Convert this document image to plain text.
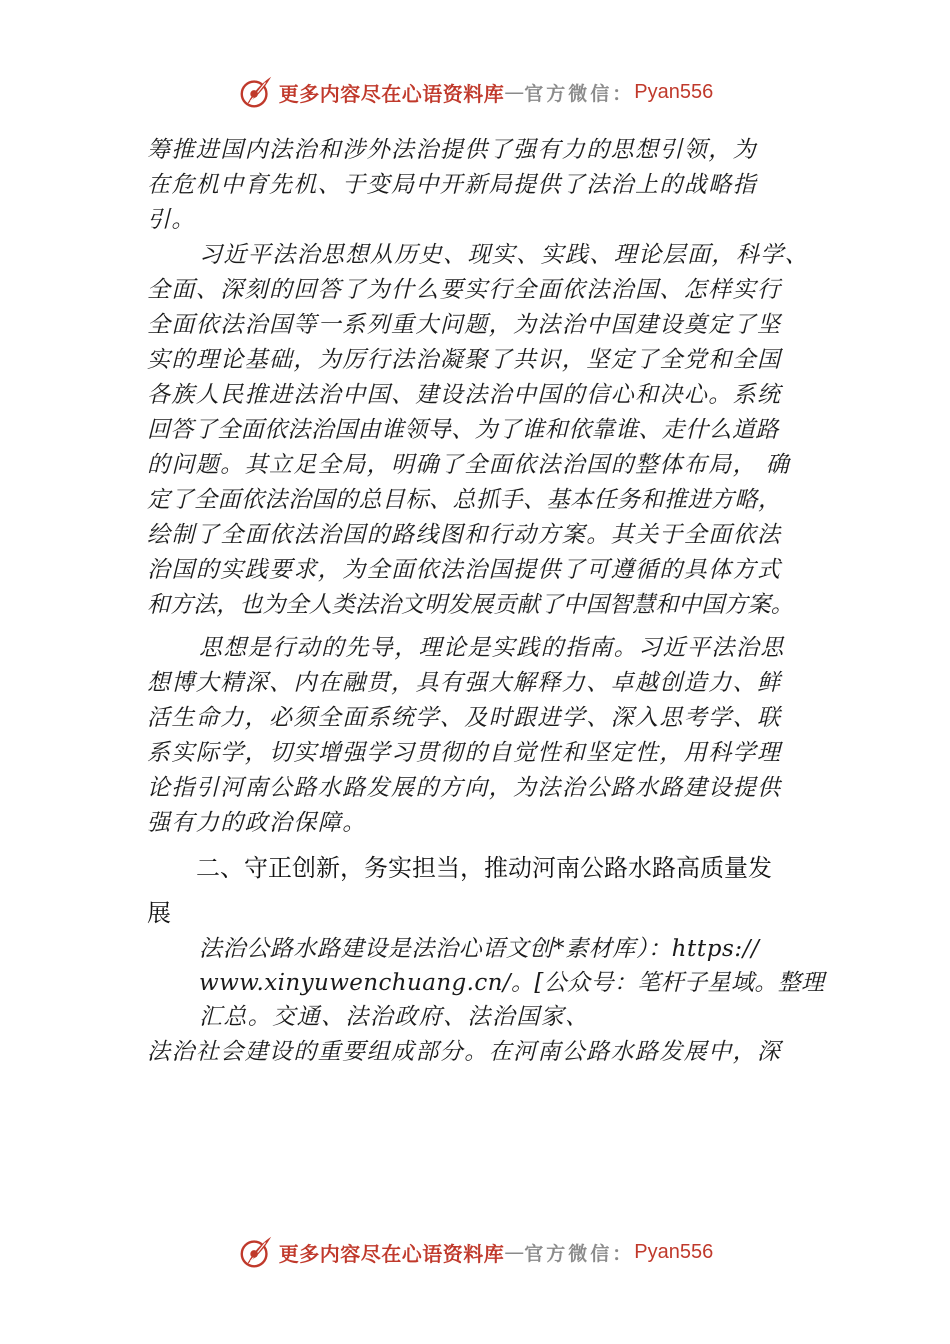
更多内容尽在心语资料库 — 官方微信： Pyan556
筹推进国内法治和涉外法治提供了强有力的思想引领，为
在危机中育先机、于变局中开新局提供了法治上的战略指
引。
习近平法治思想从历史、现实、实践、理论层面，科学、
全面、深刻的回答了为什么要实行全面依法治国、怎样实行
全面依法治国等一系列重大问题，为法治中国建设奠定了坚
实的理论基础，为厉行法治凝聚了共识，坚定了全党和全国
各族人民推进法治中国、建设法治中国的信心和决心。系统
回答了全面依法治国由谁领导、为了谁和依靠谁、走什么道路
的问题。其立足全局，明确了全面依法治国的整体布局， 确
定了全面依法治国的总目标、总抓手、基本任务和推进方略，
绘制了全面依法治国的路线图和行动方案。其关于全面依法
治国的实践要求，为全面依法治国提供了可遵循的具体方式
和方法，也为全人类法治文明发展贡献了中国智慧和中国方案。
思想是行动的先导，理论是实践的指南。习近平法治思
想博大精深、内在融贯，具有强大解释力、卓越创造力、鲜
活生命力，必须全面系统学、及时跟进学、深入思考学、联
系实际学，切实增强学习贯彻的自觉性和坚定性，用科学理
论指引河南公路水路发展的方向，为法治公路水路建设提供
强有力的政治保障。
二、守正创新，务实担当，推动河南公路水路高质量发
展
法治公路水路建设是法治心语文创*素材库）：https://
www.xinyuwenchuang.cn/。[公众号：笔杆子星域。整理
汇总。交通、法治政府、法治国家、
法治社会建设的重要组成部分。在河南公路水路发展中，深
更多内容尽在心语资料库 — 官方微信： Pyan556
